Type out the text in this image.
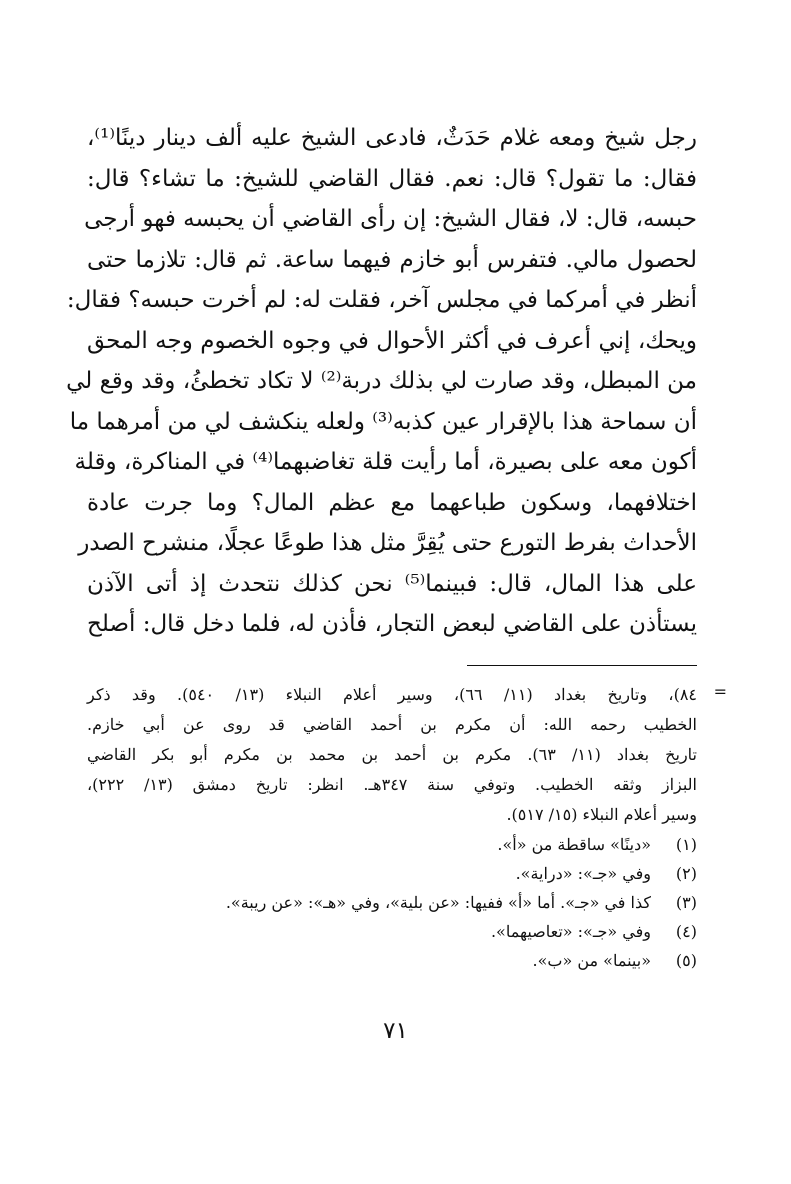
رجل شيخ ومعه غلام حَدَثٌ، فادعى الشيخ عليه ألف دينار دينًا⁽¹⁾،
فقال: ما تقول؟ قال: نعم. فقال القاضي للشيخ: ما تشاء؟ قال:
حبسه، قال: لا، فقال الشيخ: إن رأى القاضي أن يحبسه فهو أرجى
لحصول مالي. فتفرس أبو خازم فيهما ساعة. ثم قال: تلازما حتى
أنظر في أمركما في مجلس آخر، فقلت له: لم أخرت حبسه؟ فقال:
ويحك، إني أعرف في أكثر الأحوال في وجوه الخصوم وجه المحق
من المبطل، وقد صارت لي بذلك دربة⁽²⁾ لا تكاد تخطئُ، وقد وقع لي
أن سماحة هذا بالإقرار عين كذبه⁽³⁾ ولعله ينكشف لي من أمرهما ما
أكون معه على بصيرة، أما رأيت قلة تغاضبهما⁽⁴⁾ في المناكرة، وقلة
اختلافهما، وسكون طباعهما مع عظم المال؟ وما جرت عادة
الأحداث بفرط التورع حتى يُقِرَّ مثل هذا طوعًا عجلًا، منشرح الصدر
على هذا المال، قال: فبينما⁽⁵⁾ نحن كذلك نتحدث إذ أتى الآذن
يستأذن على القاضي لبعض التجار، فأذن له، فلما دخل قال: أصلح
=
٨٤)، وتاريخ بغداد (١١/ ٦٦)، وسير أعلام النبلاء (١٣/ ٥٤٠). وقد ذكر
الخطيب رحمه الله: أن مكرم بن أحمد القاضي قد روى عن أبي خازم.
تاريخ بغداد (١١/ ٦٣). مكرم بن أحمد بن محمد بن مكرم أبو بكر القاضي
البزاز وثقه الخطيب. وتوفي سنة ٣٤٧هـ. انظر: تاريخ دمشق (١٣/ ٢٢٢)،
وسير أعلام النبلاء (١٥/ ٥١٧).
(١)
«دينًا» ساقطة من «أ».
(٢)
وفي «جـ»: «دراية».
(٣)
كذا في «جـ». أما «أ» ففيها: «عن بلية»، وفي «هـ»: «عن ريبة».
(٤)
وفي «جـ»: «تعاصيهما».
(٥)
«بينما» من «ب».
٧١
